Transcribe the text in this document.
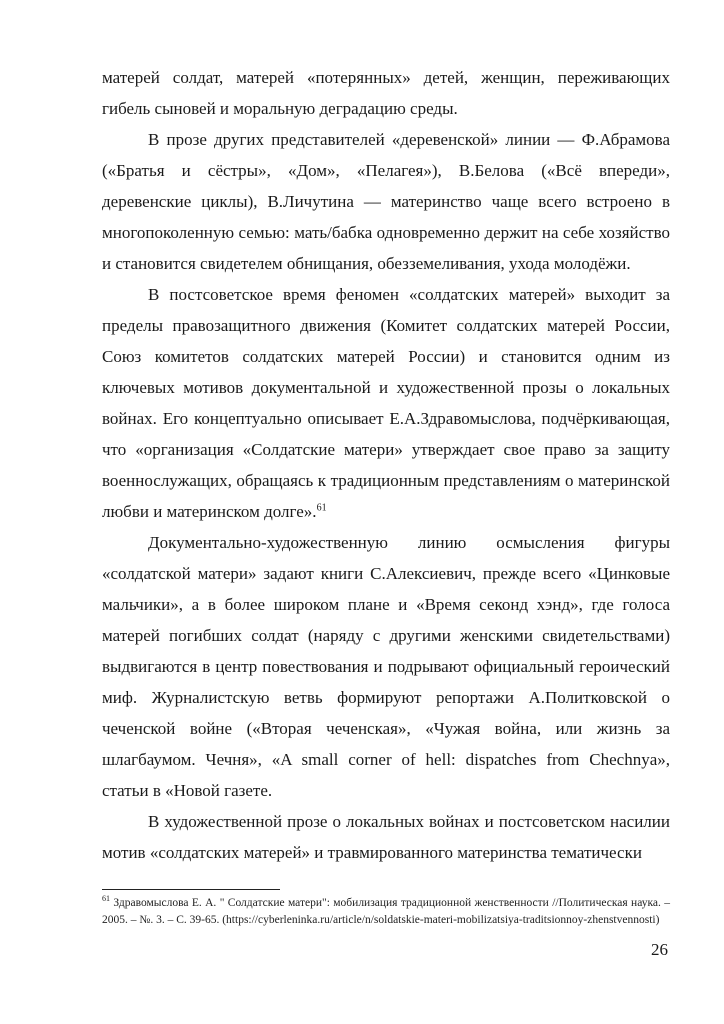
матерей солдат, матерей «потерянных» детей, женщин, переживающих гибель сыновей и моральную деградацию среды.

В прозе других представителей «деревенской» линии — Ф.Абрамова («Братья и сёстры», «Дом», «Пелагея»), В.Белова («Всё впереди», деревенские циклы), В.Личутина — материнство чаще всего встроено в многопоколенную семью: мать/бабка одновременно держит на себе хозяйство и становится свидетелем обнищания, обезземеливания, ухода молодёжи.

В постсоветское время феномен «солдатских матерей» выходит за пределы правозащитного движения (Комитет солдатских матерей России, Союз комитетов солдатских матерей России) и становится одним из ключевых мотивов документальной и художественной прозы о локальных войнах. Его концептуально описывает Е.А.Здравомыслова, подчёркивающая, что «организация «Солдатские матери» утверждает свое право за защиту военнослужащих, обращаясь к традиционным представлениям о материнской любви и материнском долге».$^{61}$

Документально-художественную линию осмысления фигуры «солдатской матери» задают книги С.Алексиевич, прежде всего «Цинковые мальчики», а в более широком плане и «Время секонд хэнд», где голоса матерей погибших солдат (наряду с другими женскими свидетельствами) выдвигаются в центр повествования и подрывают официальный героический миф. Журналистскую ветвь формируют репортажи А.Политковской о чеченской войне («Вторая чеченская», «Чужая война, или жизнь за шлагбаумом. Чечня», «A small corner of hell: dispatches from Chechnya», статьи в «Новой газете.

В художественной прозе о локальных войнах и постсоветском насилии мотив «солдатских матерей» и травмированного материнства тематически

$^{61}$ Здравомыслова Е. А. " Солдатские матери": мобилизация традиционной женственности //Политическая наука. – 2005. – №. 3. – С. 39-65. (https://cyberleninka.ru/article/n/soldatskie-materi-mobilizatsiya-traditsionnoy-zhenstvennosti)
26
